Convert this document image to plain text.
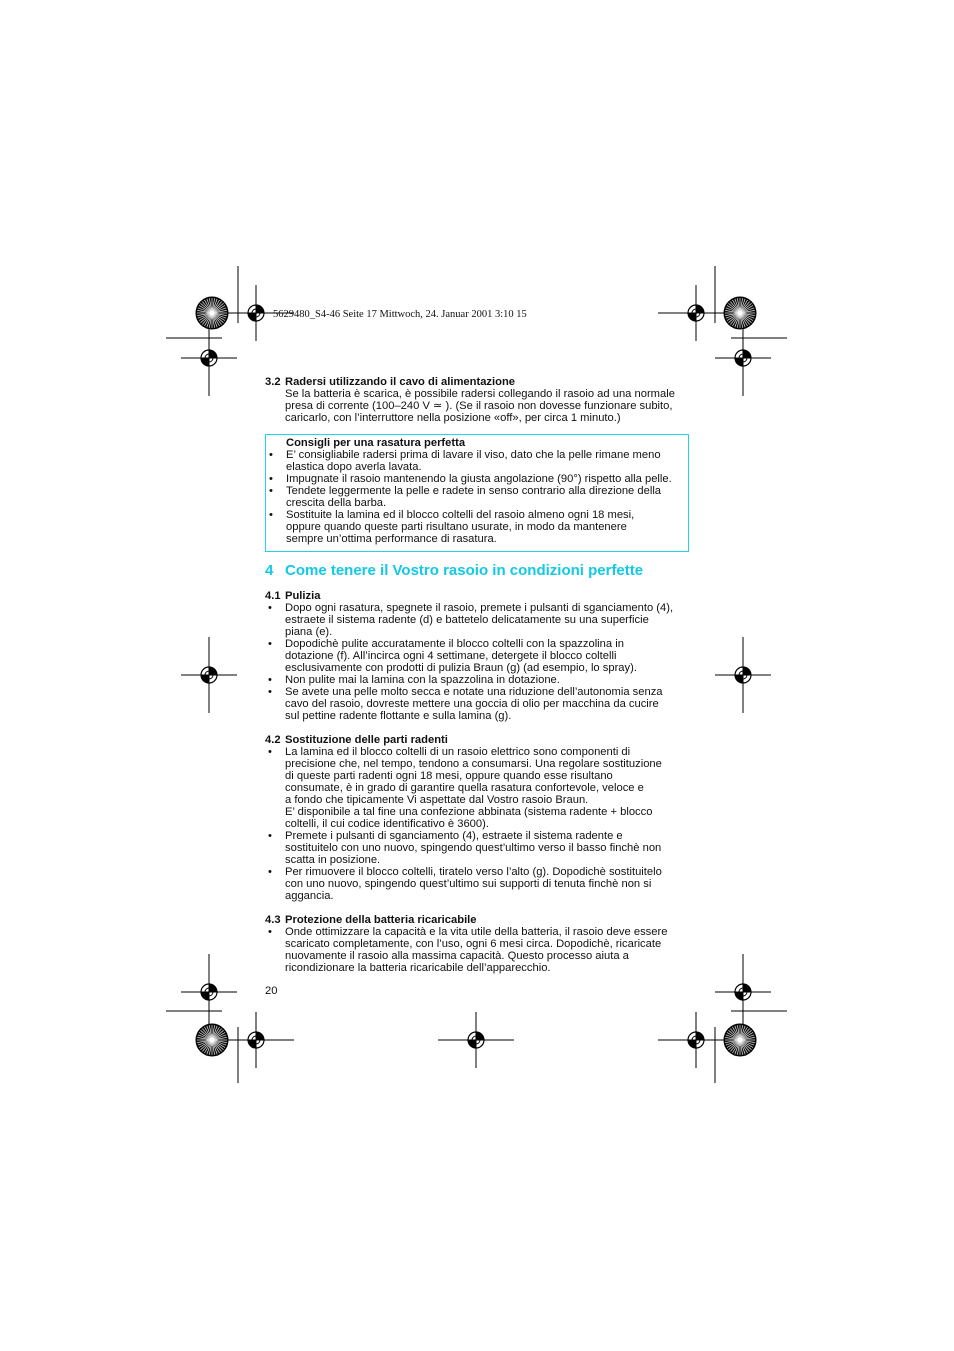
5629480_S4-46 Seite 17 Mittwoch, 24. Januar 2001 3:10 15
3.2 Radersi utilizzando il cavo di alimentazione
Se la batteria è scarica, è possibile radersi collegando il rasoio ad una normale
presa di corrente (100–240 V ≃ ). (Se il rasoio non dovesse funzionare subito,
caricarlo, con l’interruttore nella posizione «off», per circa 1 minuto.)
Consigli per una rasatura perfetta
• E’ consigliabile radersi prima di lavare il viso, dato che la pelle rimane meno
elastica dopo averla lavata.
• Impugnate il rasoio mantenendo la giusta angolazione (90°) rispetto alla pelle.
• Tendete leggermente la pelle e radete in senso contrario alla direzione della
crescita della barba.
• Sostituite la lamina ed il blocco coltelli del rasoio almeno ogni 18 mesi,
oppure quando queste parti risultano usurate, in modo da mantenere
sempre un’ottima performance di rasatura.
4 Come tenere il Vostro rasoio in condizioni perfette
4.1 Pulizia
• Dopo ogni rasatura, spegnete il rasoio, premete i pulsanti di sganciamento (4),
estraete il sistema radente (d) e battetelo delicatamente su una superficie
piana (e).
• Dopodichè pulite accuratamente il blocco coltelli con la spazzolina in
dotazione (f). All’incirca ogni 4 settimane, detergete il blocco coltelli
esclusivamente con prodotti di pulizia Braun (g) (ad esempio, lo spray).
• Non pulite mai la lamina con la spazzolina in dotazione.
• Se avete una pelle molto secca e notate una riduzione dell’autonomia senza
cavo del rasoio, dovreste mettere una goccia di olio per macchina da cucire
sul pettine radente flottante e sulla lamina (g).
4.2 Sostituzione delle parti radenti
• La lamina ed il blocco coltelli di un rasoio elettrico sono componenti di
precisione che, nel tempo, tendono a consumarsi. Una regolare sostituzione
di queste parti radenti ogni 18 mesi, oppure quando esse risultano
consumate, è in grado di garantire quella rasatura confortevole, veloce e
a fondo che tipicamente Vi aspettate dal Vostro rasoio Braun.
E’ disponibile a tal fine una confezione abbinata (sistema radente + blocco
coltelli, il cui codice identificativo è 3600).
• Premete i pulsanti di sganciamento (4), estraete il sistema radente e
sostituitelo con uno nuovo, spingendo quest’ultimo verso il basso finchè non
scatta in posizione.
• Per rimuovere il blocco coltelli, tiratelo verso l’alto (g). Dopodichè sostituitelo
con uno nuovo, spingendo quest’ultimo sui supporti di tenuta finchè non si
aggancia.
4.3 Protezione della batteria ricaricabile
• Onde ottimizzare la capacità e la vita utile della batteria, il rasoio deve essere
scaricato completamente, con l’uso, ogni 6 mesi circa. Dopodichè, ricaricate
nuovamente il rasoio alla massima capacità. Questo processo aiuta a
ricondizionare la batteria ricaricabile dell’apparecchio.
20
